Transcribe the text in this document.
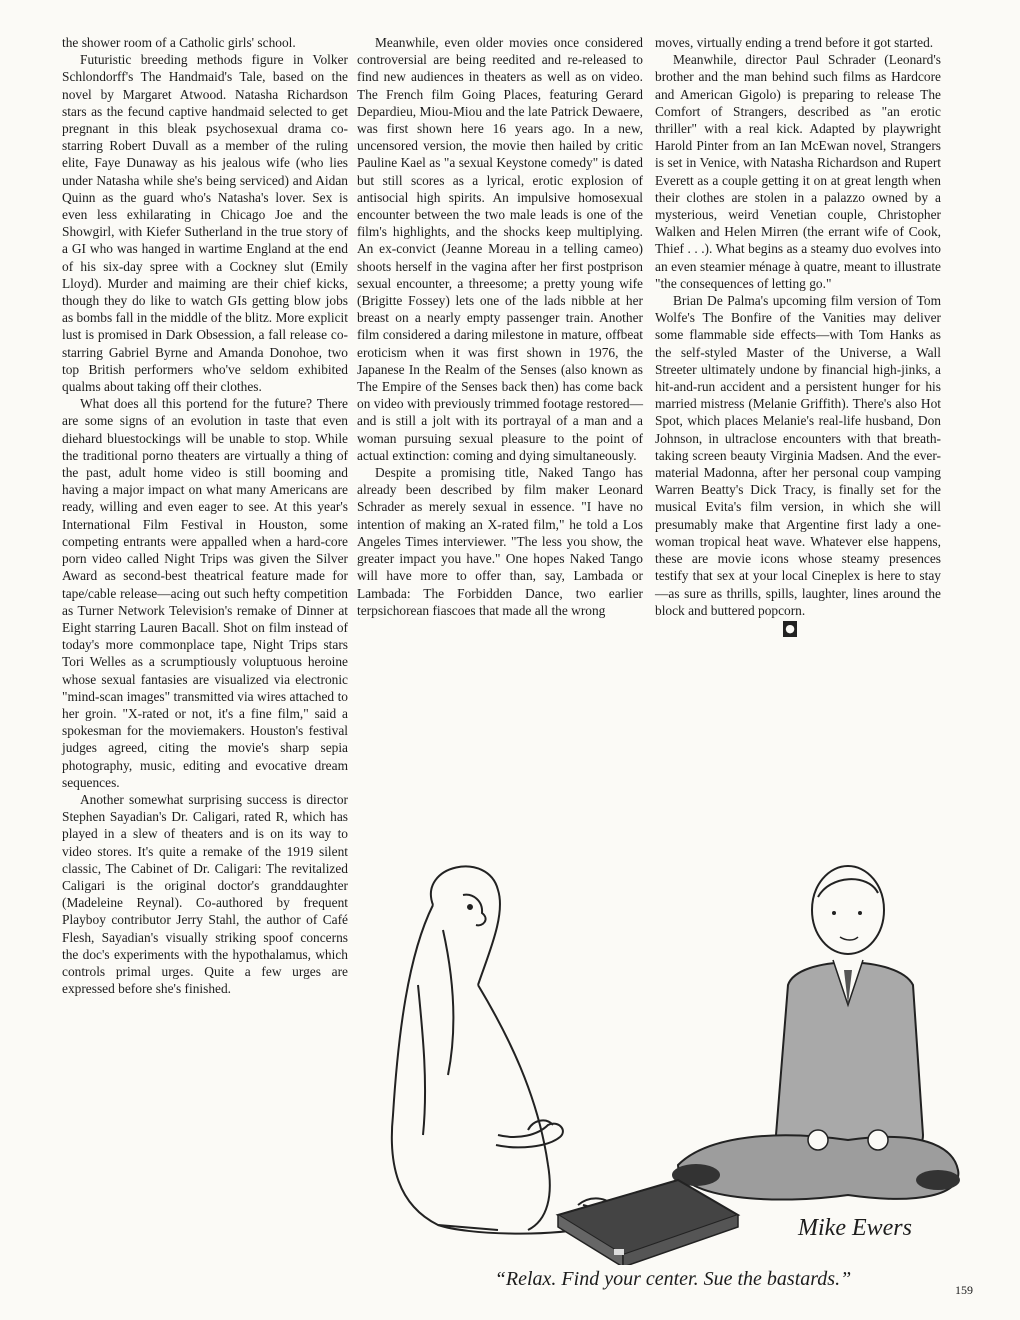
the shower room of a Catholic girls' school.

Futuristic breeding methods figure in Volker Schlondorff's The Handmaid's Tale, based on the novel by Margaret Atwood. Natasha Richardson stars as the fecund captive handmaid selected to get pregnant in this bleak psychosexual drama co-starring Robert Duvall as a member of the ruling elite, Faye Dunaway as his jealous wife (who lies under Natasha while she's being serviced) and Aidan Quinn as the guard who's Natasha's lover. Sex is even less exhilarating in Chicago Joe and the Showgirl, with Kiefer Sutherland in the true story of a GI who was hanged in wartime England at the end of his six-day spree with a Cockney slut (Emily Lloyd). Murder and maiming are their chief kicks, though they do like to watch GIs getting blow jobs as bombs fall in the middle of the blitz. More explicit lust is promised in Dark Obsession, a fall release co-starring Gabriel Byrne and Amanda Donohoe, two top British performers who've seldom exhibited qualms about taking off their clothes.

What does all this portend for the future? There are some signs of an evolution in taste that even diehard bluestockings will be unable to stop. While the traditional porno theaters are virtually a thing of the past, adult home video is still booming and having a major impact on what many Americans are ready, willing and even eager to see. At this year's International Film Festival in Houston, some competing entrants were appalled when a hard-core porn video called Night Trips was given the Silver Award as second-best theatrical feature made for tape/cable release—acing out such hefty competition as Turner Network Television's remake of Dinner at Eight starring Lauren Bacall. Shot on film instead of today's more commonplace tape, Night Trips stars Tori Welles as a scrumptiously voluptuous heroine whose sexual fantasies are visualized via electronic "mind-scan images" transmitted via wires attached to her groin. "X-rated or not, it's a fine film," said a spokesman for the moviemakers. Houston's festival judges agreed, citing the movie's sharp sepia photography, music, editing and evocative dream sequences.

Another somewhat surprising success is director Stephen Sayadian's Dr. Caligari, rated R, which has played in a slew of theaters and is on its way to video stores. It's quite a remake of the 1919 silent classic, The Cabinet of Dr. Caligari: The revitalized Caligari is the original doctor's granddaughter (Madeleine Reynal). Co-authored by frequent Playboy contributor Jerry Stahl, the author of Café Flesh, Sayadian's visually striking spoof concerns the doc's experiments with the hypothalamus, which controls primal urges. Quite a few urges are expressed before she's finished.

Meanwhile, even older movies once considered controversial are being reedited and re-released to find new audiences in theaters as well as on video. The French film Going Places, featuring Gerard Depardieu, Miou-Miou and the late Patrick Dewaere, was first shown here 16 years ago. In a new, uncensored version, the movie then hailed by critic Pauline Kael as "a sexual Keystone comedy" is dated but still scores as a lyrical, erotic explosion of antisocial high spirits. An impulsive homosexual encounter between the two male leads is one of the film's highlights, and the shocks keep multiplying. An ex-convict (Jeanne Moreau in a telling cameo) shoots herself in the vagina after her first postprison sexual encounter, a threesome; a pretty young wife (Brigitte Fossey) lets one of the lads nibble at her breast on a nearly empty passenger train. Another film considered a daring milestone in mature, offbeat eroticism when it was first shown in 1976, the Japanese In the Realm of the Senses (also known as The Empire of the Senses back then) has come back on video with previously trimmed footage restored—and is still a jolt with its portrayal of a man and a woman pursuing sexual pleasure to the point of actual extinction: coming and dying simultaneously.

Despite a promising title, Naked Tango has already been described by film maker Leonard Schrader as merely sexual in essence. "I have no intention of making an X-rated film," he told a Los Angeles Times interviewer. "The less you show, the greater impact you have." One hopes Naked Tango will have more to offer than, say, Lambada or Lambada: The Forbidden Dance, two earlier terpsichorean fiascoes that made all the wrong

moves, virtually ending a trend before it got started.

Meanwhile, director Paul Schrader (Leonard's brother and the man behind such films as Hardcore and American Gigolo) is preparing to release The Comfort of Strangers, described as "an erotic thriller" with a real kick. Adapted by playwright Harold Pinter from an Ian McEwan novel, Strangers is set in Venice, with Natasha Richardson and Rupert Everett as a couple getting it on at great length when their clothes are stolen in a palazzo owned by a mysterious, weird Venetian couple, Christopher Walken and Helen Mirren (the errant wife of Cook, Thief . . .). What begins as a steamy duo evolves into an even steamier ménage à quatre, meant to illustrate "the consequences of letting go."

Brian De Palma's upcoming film version of Tom Wolfe's The Bonfire of the Vanities may deliver some flammable side effects—with Tom Hanks as the self-styled Master of the Universe, a Wall Streeter ultimately undone by financial high-jinks, a hit-and-run accident and a persistent hunger for his married mistress (Melanie Griffith). There's also Hot Spot, which places Melanie's real-life husband, Don Johnson, in ultraclose encounters with that breath-taking screen beauty Virginia Madsen. And the ever-material Madonna, after her personal coup vamping Warren Beatty's Dick Tracy, is finally set for the musical Evita's film version, in which she will presumably make that Argentine first lady a one-woman tropical heat wave. Whatever else happens, these are movie icons whose steamy presences testify that sex at your local Cineplex is here to stay—as sure as thrills, spills, laughter, lines around the block and buttered popcorn.

●
Mike Ewers
“Relax. Find your center. Sue the bastards.”	159
